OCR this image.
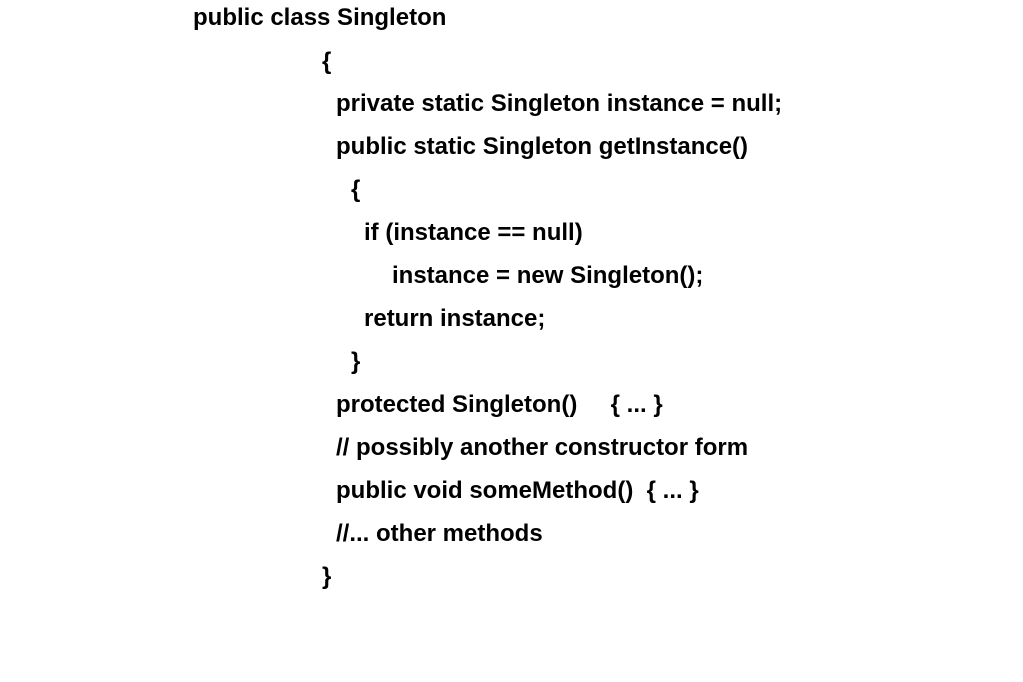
public class Singleton
{
private static Singleton instance = null;
public static Singleton getInstance()
{
if (instance == null)
instance = new Singleton();
return instance;
}
protected Singleton()     { ... }
// possibly another constructor form
public void someMethod()  { ... }
//... other methods
}
